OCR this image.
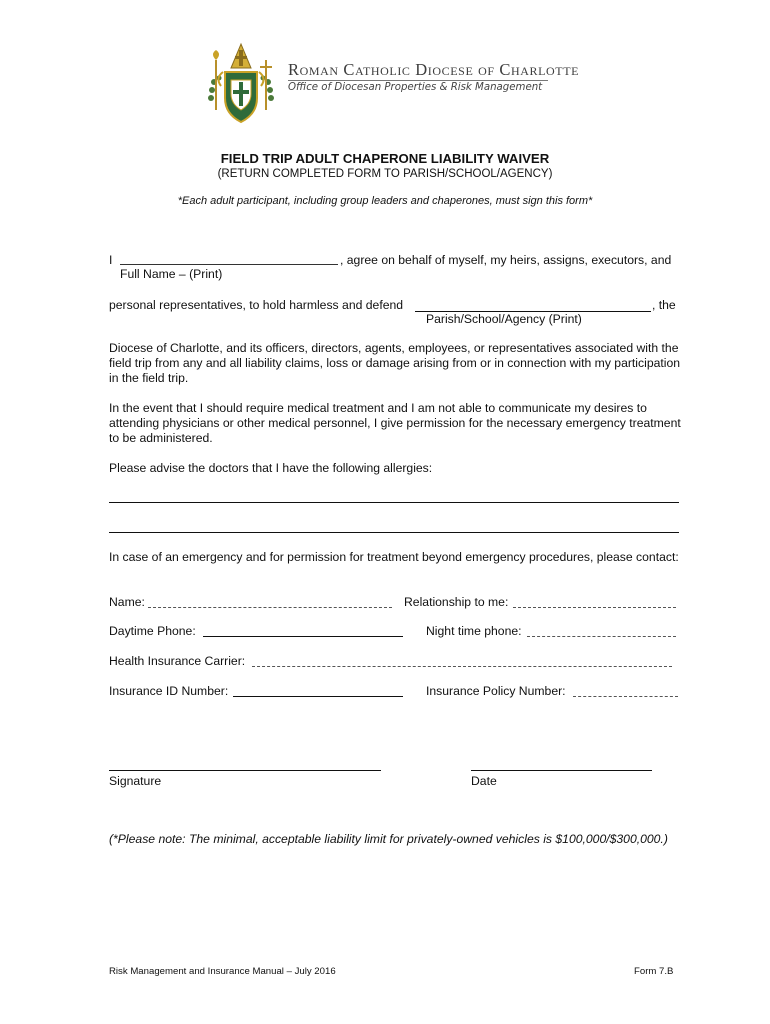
Roman Catholic Diocese of Charlotte
Office of Diocesan Properties & Risk Management
FIELD TRIP ADULT CHAPERONE LIABILITY WAIVER
(RETURN COMPLETED FORM TO PARISH/SCHOOL/AGENCY)
*Each adult participant, including group leaders and chaperones, must sign this form*
I	, agree on behalf of myself, my heirs, assigns, executors, and
Full Name – (Print)
personal representatives, to hold harmless and defend	, the
Parish/School/Agency (Print)
Diocese of Charlotte, and its officers, directors, agents, employees, or representatives associated with the field trip from any and all liability claims, loss or damage arising from or in connection with my participation in the field trip.
In the event that I should require medical treatment and I am not able to communicate my desires to attending physicians or other medical personnel, I give permission for the necessary emergency treatment to be administered.
Please advise the doctors that I have the following allergies:
In case of an emergency and for permission for treatment beyond emergency procedures, please contact:
Name:	Relationship to me:
Daytime Phone:	Night time phone:
Health Insurance Carrier:
Insurance ID Number:	Insurance Policy Number:
Signature	Date
(*Please note: The minimal, acceptable liability limit for privately-owned vehicles is $100,000/$300,000.)
Risk Management and Insurance Manual – July 2016	Form 7.B
